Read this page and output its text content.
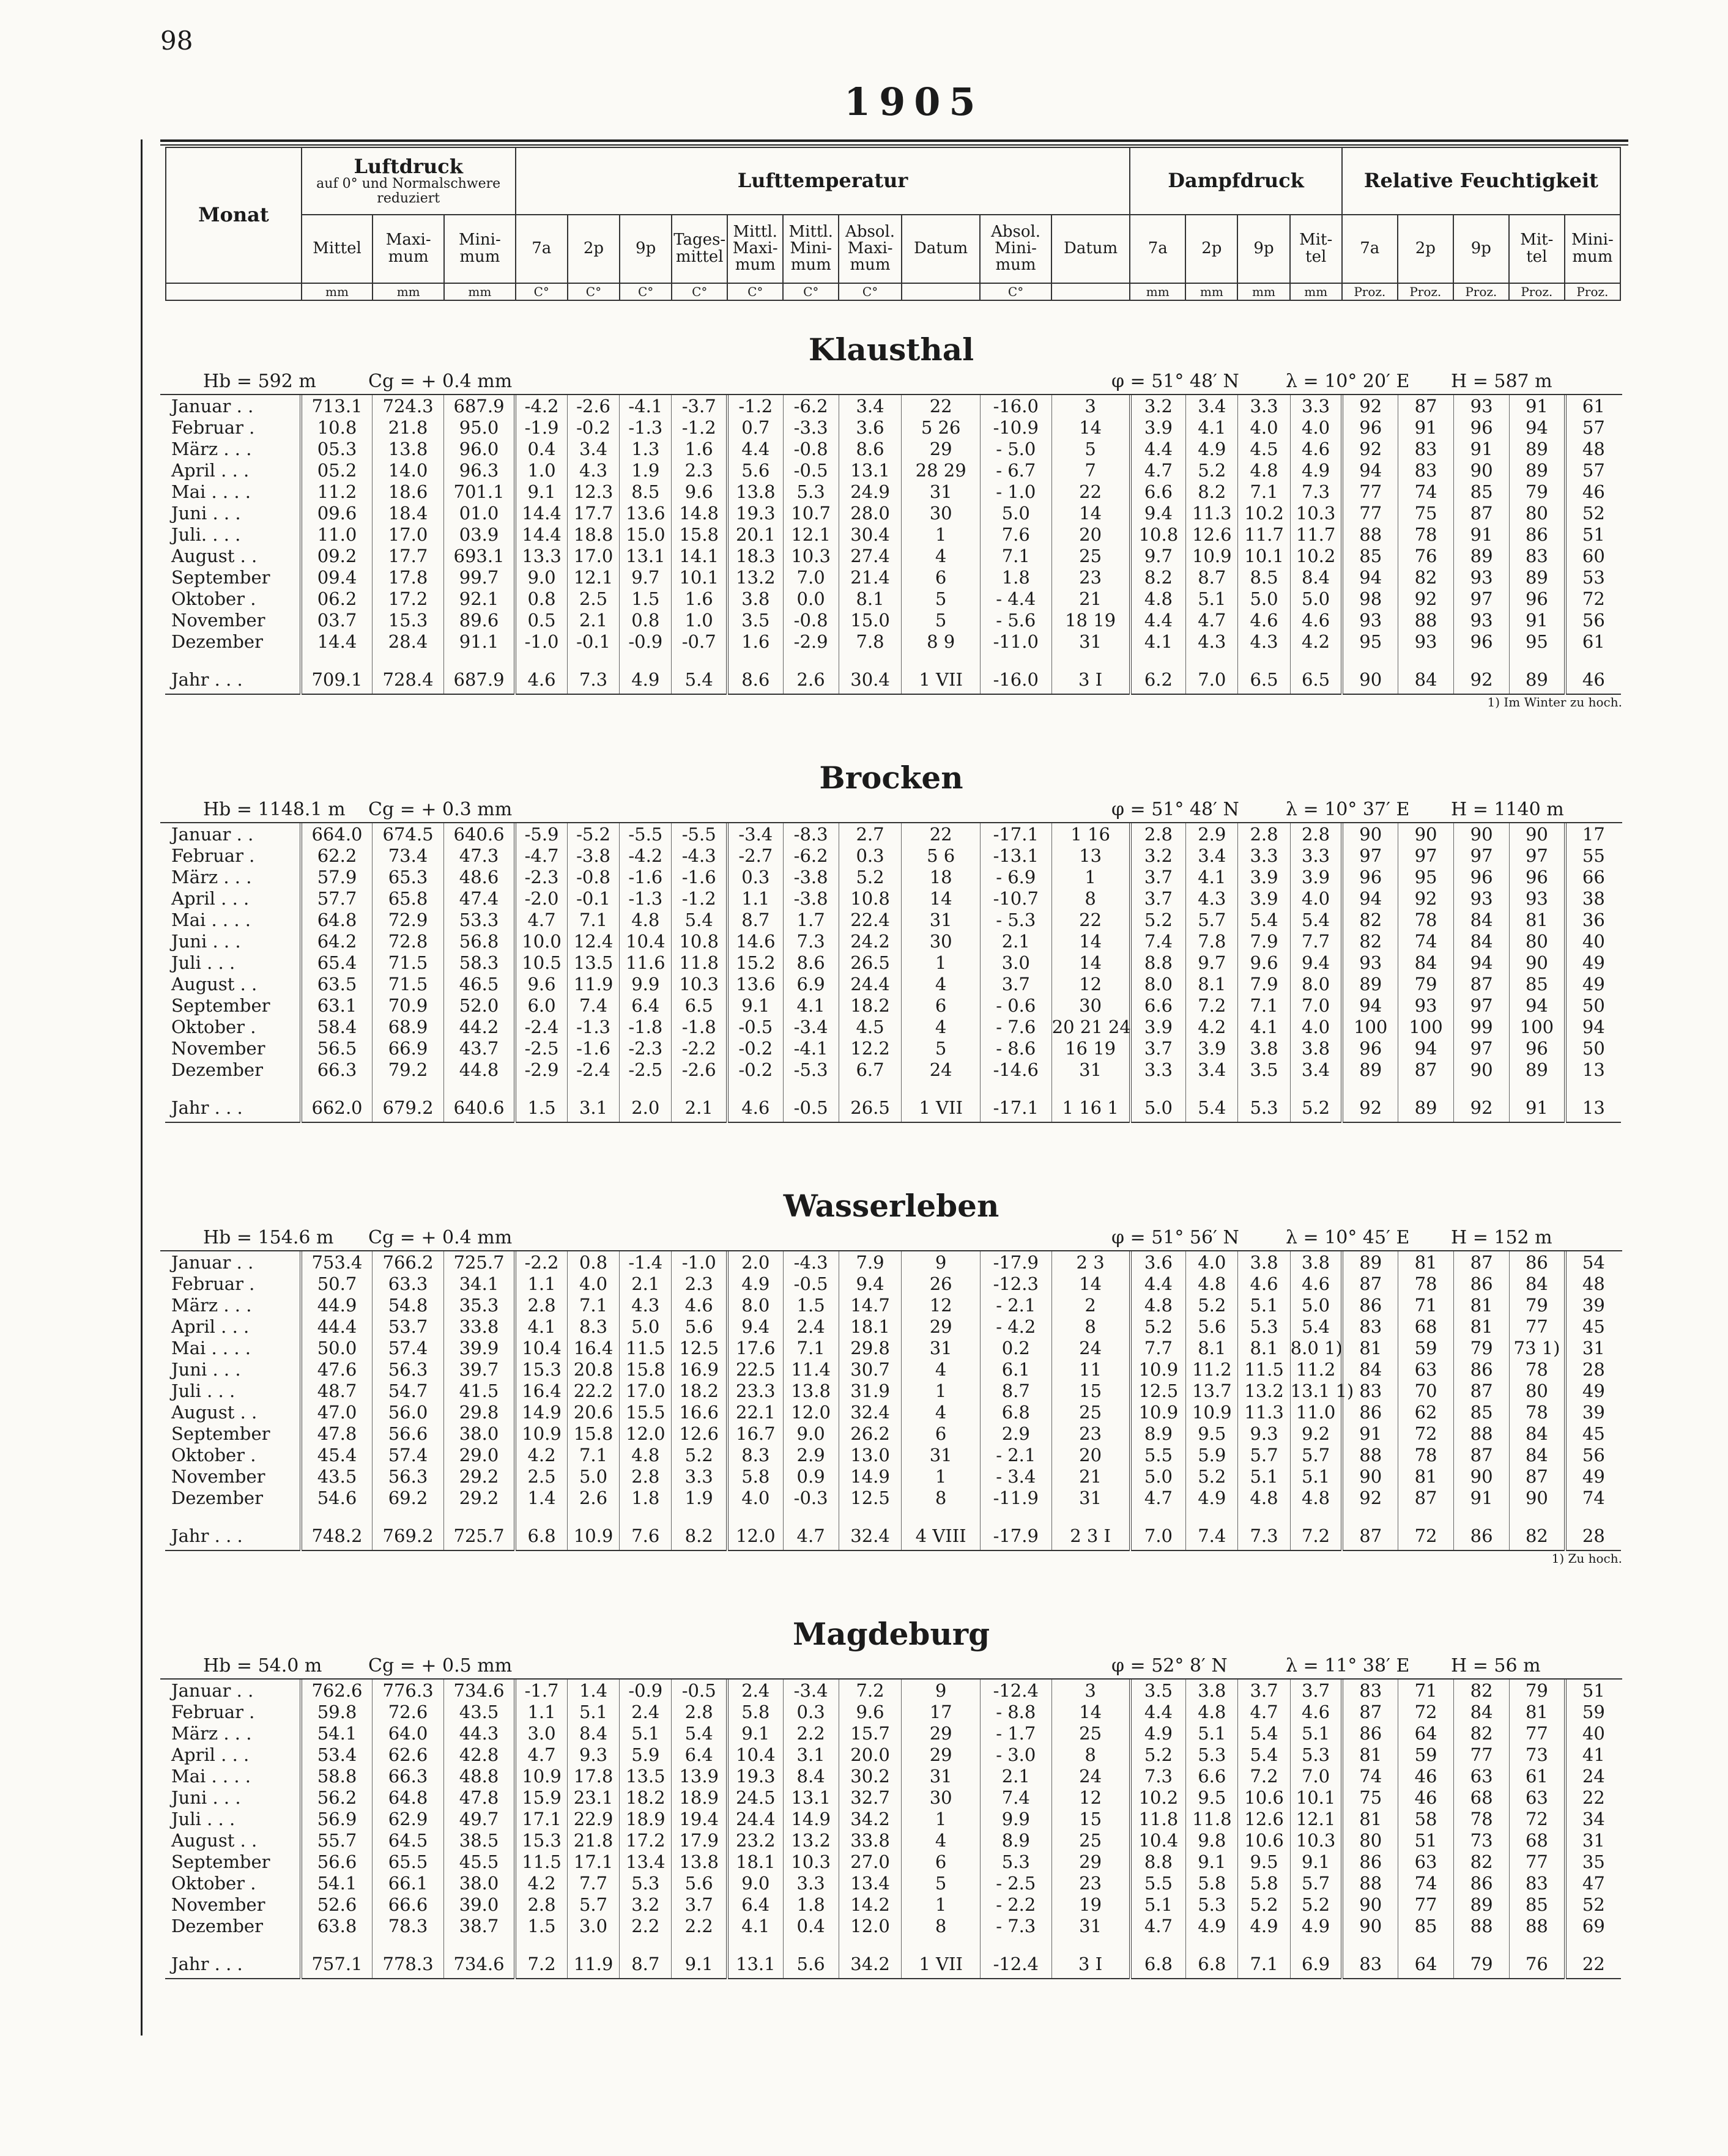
98
1905
Monat	Luftdruck
auf 0° und Normalschwere reduziert			Lufttemperatur										Dampfdruck				Relative Feuchtigkeit				
	Mittel	Maxi-mum	Mini-mum	7a	2p	9p	Tages-mittel	Mittl. Maxi-mum	Mittl. Mini-mum	Absol. Maxi-mum	Datum	Absol. Mini-mum	Datum	7a	2p	9p	Mit-tel	7a	2p	9p	Mit-tel	Mini-mum
	mm	mm	mm	C°	C°	C°	C°	C°	C°	C°		C°		mm	mm	mm	mm	Proz.	Proz.	Proz.	Proz.	Proz.
Klausthal
Hb = 592 m	Cg = + 0.4 mm	φ = 51° 48′ N	λ = 10° 20′ E H = 587 m
Januar . .	713.1	724.3	687.9	-4.2	-2.6	-4.1	-3.7	-1.2	-6.2	3.4	22	-16.0	3	3.2	3.4	3.3	3.3	92	87	93	91	61
Februar .	10.8	21.8	95.0	-1.9	-0.2	-1.3	-1.2	0.7	-3.3	3.6	5 26	-10.9	14	3.9	4.1	4.0	4.0	96	91	96	94	57
März . . .	05.3	13.8	96.0	0.4	3.4	1.3	1.6	4.4	-0.8	8.6	29	- 5.0	5	4.4	4.9	4.5	4.6	92	83	91	89	48
April . . .	05.2	14.0	96.3	1.0	4.3	1.9	2.3	5.6	-0.5	13.1	28 29	- 6.7	7	4.7	5.2	4.8	4.9	94	83	90	89	57
Mai . . . .	11.2	18.6	701.1	9.1	12.3	8.5	9.6	13.8	5.3	24.9	31	- 1.0	22	6.6	8.2	7.1	7.3	77	74	85	79	46
Juni . . .	09.6	18.4	01.0	14.4	17.7	13.6	14.8	19.3	10.7	28.0	30	5.0	14	9.4	11.3	10.2	10.3	77	75	87	80	52
Juli. . . .	11.0	17.0	03.9	14.4	18.8	15.0	15.8	20.1	12.1	30.4	1	7.6	20	10.8	12.6	11.7	11.7	88	78	91	86	51
August . .	09.2	17.7	693.1	13.3	17.0	13.1	14.1	18.3	10.3	27.4	4	7.1	25	9.7	10.9	10.1	10.2	85	76	89	83	60
September	09.4	17.8	99.7	9.0	12.1	9.7	10.1	13.2	7.0	21.4	6	1.8	23	8.2	8.7	8.5	8.4	94	82	93	89	53
Oktober .	06.2	17.2	92.1	0.8	2.5	1.5	1.6	3.8	0.0	8.1	5	- 4.4	21	4.8	5.1	5.0	5.0	98	92	97	96	72
November	03.7	15.3	89.6	0.5	2.1	0.8	1.0	3.5	-0.8	15.0	5	- 5.6	18 19	4.4	4.7	4.6	4.6	93	88	93	91	56
Dezember	14.4	28.4	91.1	-1.0	-0.1	-0.9	-0.7	1.6	-2.9	7.8	8 9	-11.0	31	4.1	4.3	4.3	4.2	95	93	96	95	61
Jahr . . .	709.1	728.4	687.9	4.6	7.3	4.9	5.4	8.6	2.6	30.4	1 VII	-16.0	3 I	6.2	7.0	6.5	6.5	90	84	92	89	46
1) Im Winter zu hoch.
Brocken
Hb = 1148.1 m Cg = + 0.3 mm	φ = 51° 48′ N	λ = 10° 37′ E H = 1140 m
Januar . .	664.0	674.5	640.6	-5.9	-5.2	-5.5	-5.5	-3.4	-8.3	2.7	22	-17.1	1 16	2.8	2.9	2.8	2.8	90	90	90	90	17
Februar .	62.2	73.4	47.3	-4.7	-3.8	-4.2	-4.3	-2.7	-6.2	0.3	5 6	-13.1	13	3.2	3.4	3.3	3.3	97	97	97	97	55
März . . .	57.9	65.3	48.6	-2.3	-0.8	-1.6	-1.6	0.3	-3.8	5.2	18	- 6.9	1	3.7	4.1	3.9	3.9	96	95	96	96	66
April . . .	57.7	65.8	47.4	-2.0	-0.1	-1.3	-1.2	1.1	-3.8	10.8	14	-10.7	8	3.7	4.3	3.9	4.0	94	92	93	93	38
Mai . . . .	64.8	72.9	53.3	4.7	7.1	4.8	5.4	8.7	1.7	22.4	31	- 5.3	22	5.2	5.7	5.4	5.4	82	78	84	81	36
Juni . . .	64.2	72.8	56.8	10.0	12.4	10.4	10.8	14.6	7.3	24.2	30	2.1	14	7.4	7.8	7.9	7.7	82	74	84	80	40
Juli . . .	65.4	71.5	58.3	10.5	13.5	11.6	11.8	15.2	8.6	26.5	1	3.0	14	8.8	9.7	9.6	9.4	93	84	94	90	49
August . .	63.5	71.5	46.5	9.6	11.9	9.9	10.3	13.6	6.9	24.4	4	3.7	12	8.0	8.1	7.9	8.0	89	79	87	85	49
September	63.1	70.9	52.0	6.0	7.4	6.4	6.5	9.1	4.1	18.2	6	- 0.6	30	6.6	7.2	7.1	7.0	94	93	97	94	50
Oktober .	58.4	68.9	44.2	-2.4	-1.3	-1.8	-1.8	-0.5	-3.4	4.5	4	- 7.6	20 21 24	3.9	4.2	4.1	4.0	100	100	99	100	94
November	56.5	66.9	43.7	-2.5	-1.6	-2.3	-2.2	-0.2	-4.1	12.2	5	- 8.6	16 19	3.7	3.9	3.8	3.8	96	94	97	96	50
Dezember	66.3	79.2	44.8	-2.9	-2.4	-2.5	-2.6	-0.2	-5.3	6.7	24	-14.6	31	3.3	3.4	3.5	3.4	89	87	90	89	13
Jahr . . .	662.0	679.2	640.6	1.5	3.1	2.0	2.1	4.6	-0.5	26.5	1 VII	-17.1	1 16 1	5.0	5.4	5.3	5.2	92	89	92	91	13
Wasserleben
Hb = 154.6 m Cg = + 0.4 mm	φ = 51° 56′ N	λ = 10° 45′ E H = 152 m
Januar . .	753.4	766.2	725.7	-2.2	0.8	-1.4	-1.0	2.0	-4.3	7.9	9	-17.9	2 3	3.6	4.0	3.8	3.8	89	81	87	86	54
Februar .	50.7	63.3	34.1	1.1	4.0	2.1	2.3	4.9	-0.5	9.4	26	-12.3	14	4.4	4.8	4.6	4.6	87	78	86	84	48
März . . .	44.9	54.8	35.3	2.8	7.1	4.3	4.6	8.0	1.5	14.7	12	- 2.1	2	4.8	5.2	5.1	5.0	86	71	81	79	39
April . . .	44.4	53.7	33.8	4.1	8.3	5.0	5.6	9.4	2.4	18.1	29	- 4.2	8	5.2	5.6	5.3	5.4	83	68	81	77	45
Mai . . . .	50.0	57.4	39.9	10.4	16.4	11.5	12.5	17.6	7.1	29.8	31	0.2	24	7.7	8.1	8.1	8.0 1)	81	59	79	73 1)	31
Juni . . .	47.6	56.3	39.7	15.3	20.8	15.8	16.9	22.5	11.4	30.7	4	6.1	11	10.9	11.2	11.5	11.2	84	63	86	78	28
Juli . . .	48.7	54.7	41.5	16.4	22.2	17.0	18.2	23.3	13.8	31.9	1	8.7	15	12.5	13.7	13.2	13.1 1)	83	70	87	80	49
August . .	47.0	56.0	29.8	14.9	20.6	15.5	16.6	22.1	12.0	32.4	4	6.8	25	10.9	10.9	11.3	11.0	86	62	85	78	39
September	47.8	56.6	38.0	10.9	15.8	12.0	12.6	16.7	9.0	26.2	6	2.9	23	8.9	9.5	9.3	9.2	91	72	88	84	45
Oktober .	45.4	57.4	29.0	4.2	7.1	4.8	5.2	8.3	2.9	13.0	31	- 2.1	20	5.5	5.9	5.7	5.7	88	78	87	84	56
November	43.5	56.3	29.2	2.5	5.0	2.8	3.3	5.8	0.9	14.9	1	- 3.4	21	5.0	5.2	5.1	5.1	90	81	90	87	49
Dezember	54.6	69.2	29.2	1.4	2.6	1.8	1.9	4.0	-0.3	12.5	8	-11.9	31	4.7	4.9	4.8	4.8	92	87	91	90	74
Jahr . . .	748.2	769.2	725.7	6.8	10.9	7.6	8.2	12.0	4.7	32.4	4 VIII	-17.9	2 3 I	7.0	7.4	7.3	7.2	87	72	86	82	28
1) Zu hoch.
Magdeburg
Hb = 54.0 m	Cg = + 0.5 mm	φ = 52° 8′ N	λ = 11° 38′ E H = 56 m
Januar . .	762.6	776.3	734.6	-1.7	1.4	-0.9	-0.5	2.4	-3.4	7.2	9	-12.4	3	3.5	3.8	3.7	3.7	83	71	82	79	51
Februar .	59.8	72.6	43.5	1.1	5.1	2.4	2.8	5.8	0.3	9.6	17	- 8.8	14	4.4	4.8	4.7	4.6	87	72	84	81	59
März . . .	54.1	64.0	44.3	3.0	8.4	5.1	5.4	9.1	2.2	15.7	29	- 1.7	25	4.9	5.1	5.4	5.1	86	64	82	77	40
April . . .	53.4	62.6	42.8	4.7	9.3	5.9	6.4	10.4	3.1	20.0	29	- 3.0	8	5.2	5.3	5.4	5.3	81	59	77	73	41
Mai . . . .	58.8	66.3	48.8	10.9	17.8	13.5	13.9	19.3	8.4	30.2	31	2.1	24	7.3	6.6	7.2	7.0	74	46	63	61	24
Juni . . .	56.2	64.8	47.8	15.9	23.1	18.2	18.9	24.5	13.1	32.7	30	7.4	12	10.2	9.5	10.6	10.1	75	46	68	63	22
Juli . . .	56.9	62.9	49.7	17.1	22.9	18.9	19.4	24.4	14.9	34.2	1	9.9	15	11.8	11.8	12.6	12.1	81	58	78	72	34
August . .	55.7	64.5	38.5	15.3	21.8	17.2	17.9	23.2	13.2	33.8	4	8.9	25	10.4	9.8	10.6	10.3	80	51	73	68	31
September	56.6	65.5	45.5	11.5	17.1	13.4	13.8	18.1	10.3	27.0	6	5.3	29	8.8	9.1	9.5	9.1	86	63	82	77	35
Oktober .	54.1	66.1	38.0	4.2	7.7	5.3	5.6	9.0	3.3	13.4	5	- 2.5	23	5.5	5.8	5.8	5.7	88	74	86	83	47
November	52.6	66.6	39.0	2.8	5.7	3.2	3.7	6.4	1.8	14.2	1	- 2.2	19	5.1	5.3	5.2	5.2	90	77	89	85	52
Dezember	63.8	78.3	38.7	1.5	3.0	2.2	2.2	4.1	0.4	12.0	8	- 7.3	31	4.7	4.9	4.9	4.9	90	85	88	88	69
Jahr . . .	757.1	778.3	734.6	7.2	11.9	8.7	9.1	13.1	5.6	34.2	1 VII	-12.4	3 I	6.8	6.8	7.1	6.9	83	64	79	76	22
